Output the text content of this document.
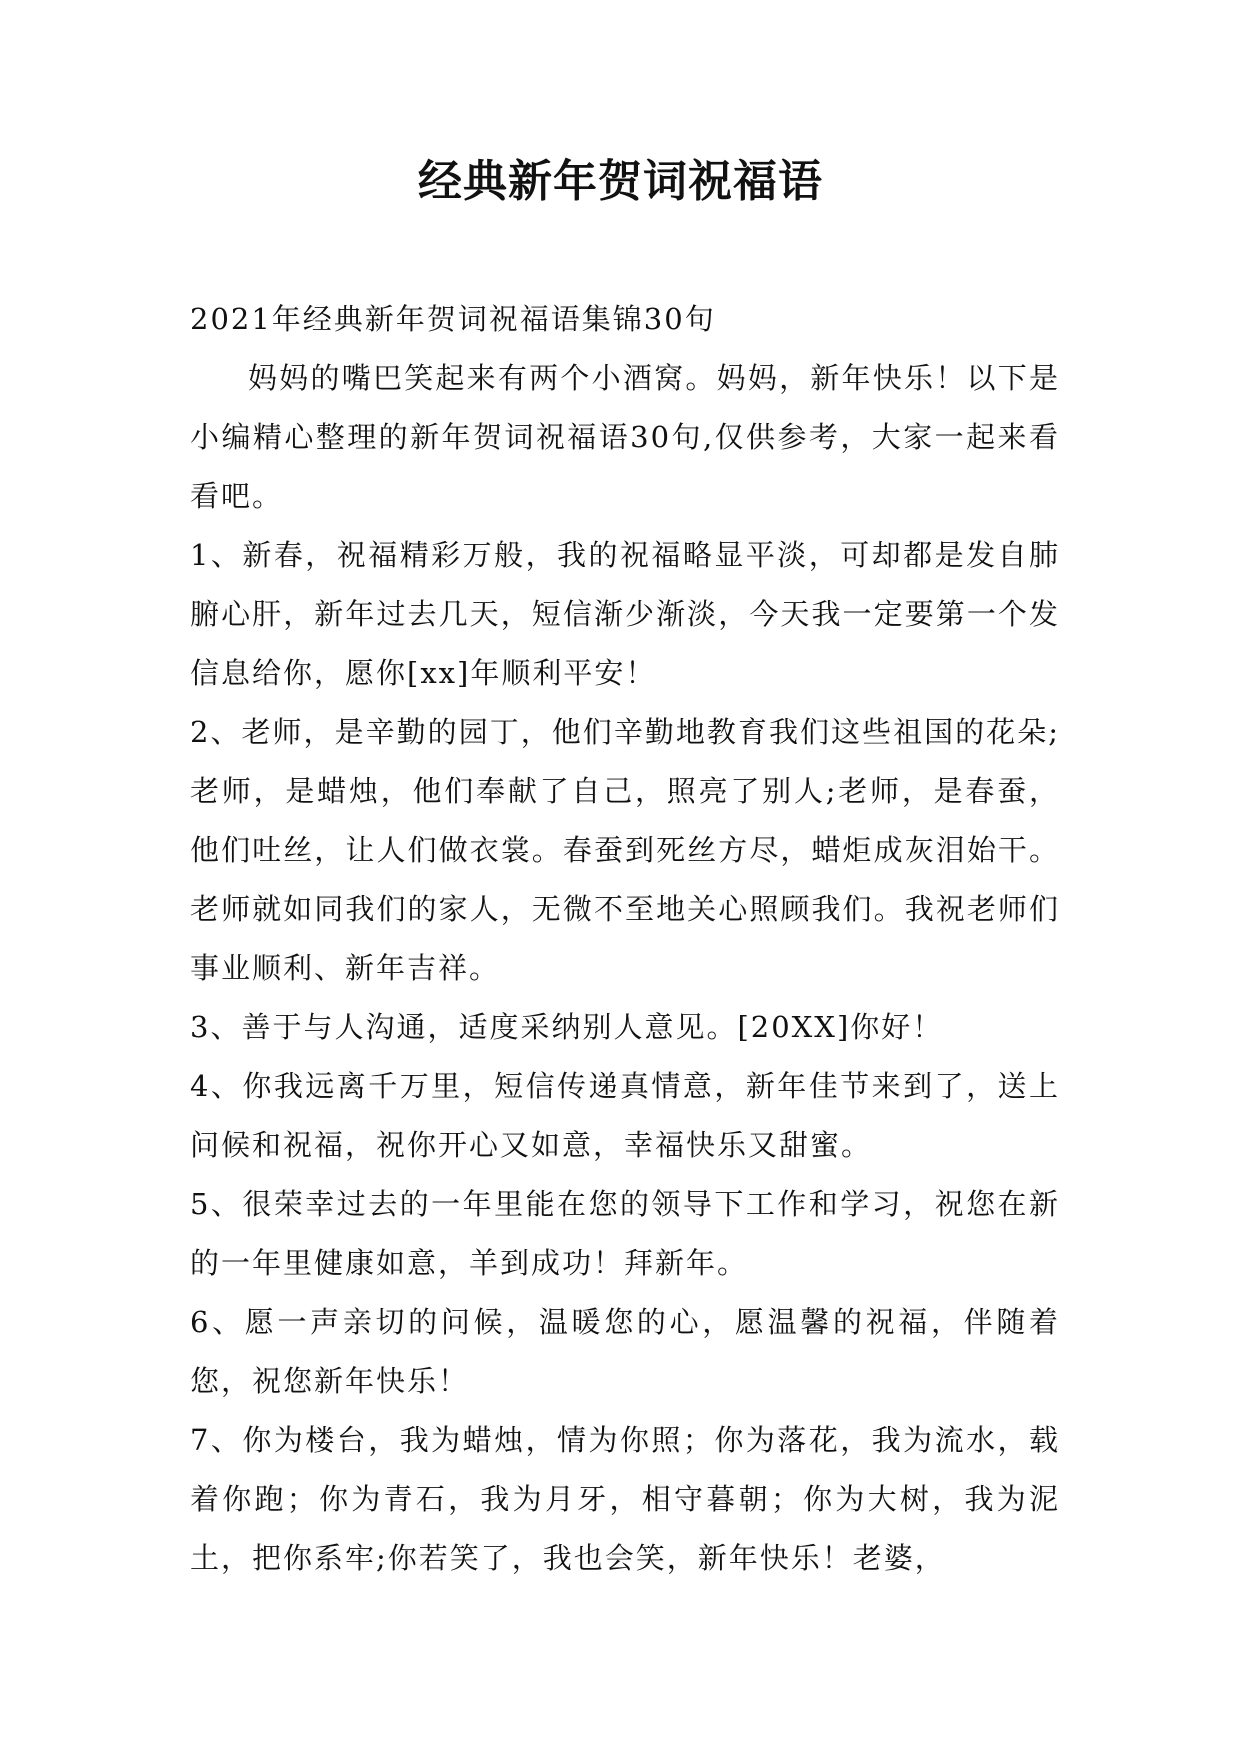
经典新年贺词祝福语

2021年经典新年贺词祝福语集锦30句

妈妈的嘴巴笑起来有两个小酒窝。妈妈，新年快乐！以下是小编精心整理的新年贺词祝福语30句,仅供参考，大家一起来看看吧。

1、新春，祝福精彩万般，我的祝福略显平淡，可却都是发自肺腑心肝，新年过去几天，短信渐少渐淡，今天我一定要第一个发信息给你，愿你[xx]年顺利平安！

2、老师，是辛勤的园丁，他们辛勤地教育我们这些祖国的花朵;老师，是蜡烛，他们奉献了自己，照亮了别人;老师，是春蚕，他们吐丝，让人们做衣裳。春蚕到死丝方尽，蜡炬成灰泪始干。老师就如同我们的家人，无微不至地关心照顾我们。我祝老师们事业顺利、新年吉祥。

3、善于与人沟通，适度采纳别人意见。[20XX]你好！

4、你我远离千万里，短信传递真情意，新年佳节来到了，送上问候和祝福，祝你开心又如意，幸福快乐又甜蜜。

5、很荣幸过去的一年里能在您的领导下工作和学习，祝您在新的一年里健康如意，羊到成功！拜新年。

6、愿一声亲切的问候，温暖您的心，愿温馨的祝福，伴随着您，祝您新年快乐！

7、你为楼台，我为蜡烛，情为你照；你为落花，我为流水，载着你跑；你为青石，我为月牙，相守暮朝；你为大树，我为泥土，把你系牢;你若笑了，我也会笑，新年快乐！老婆，
